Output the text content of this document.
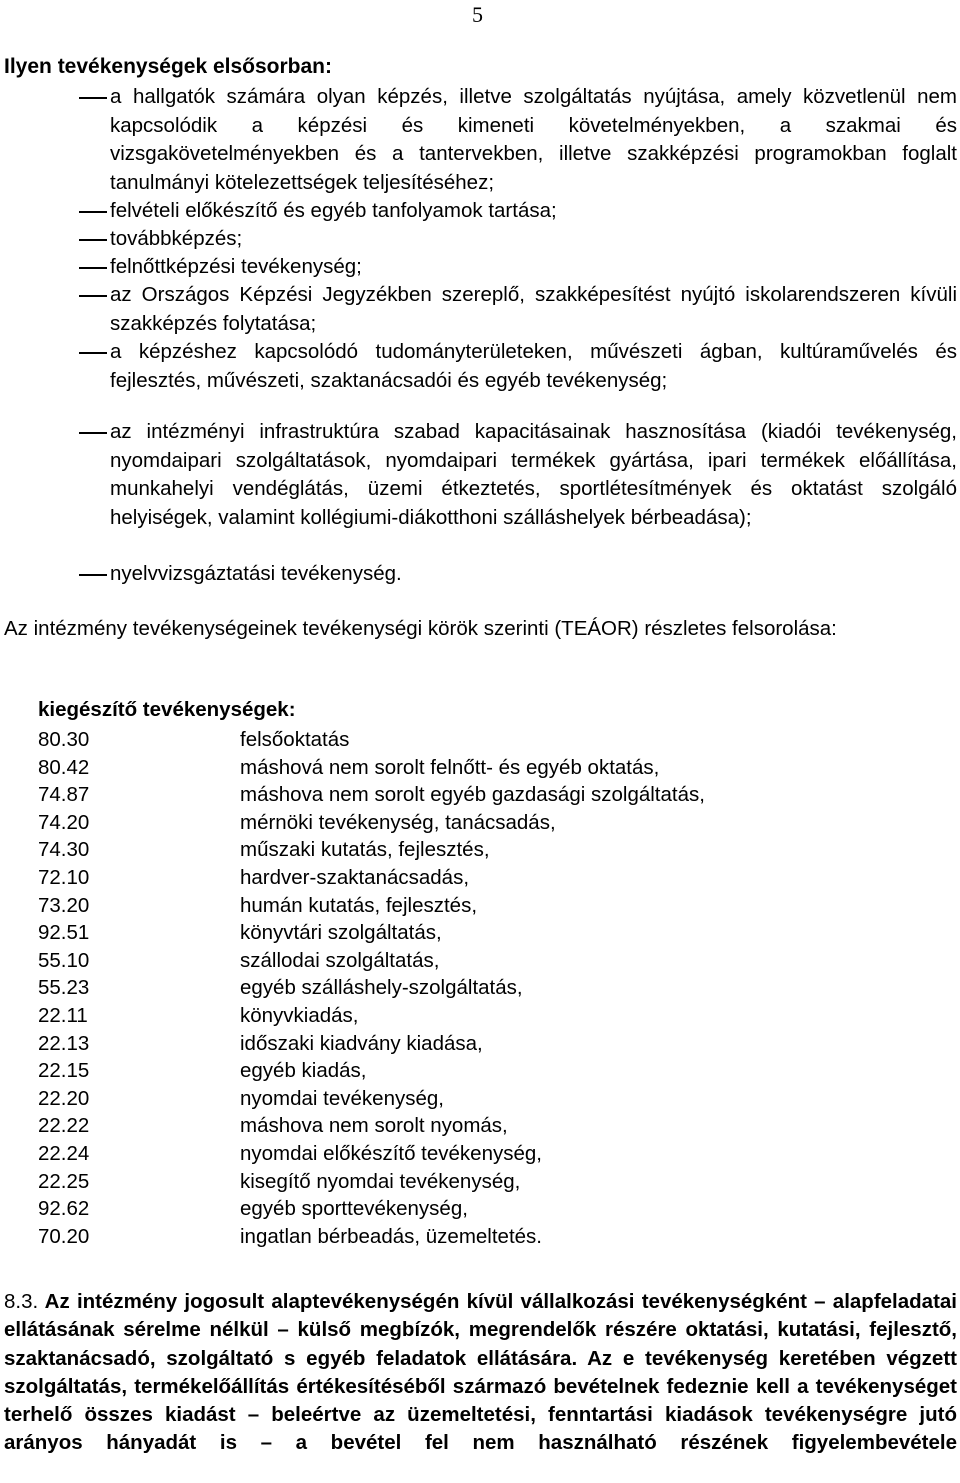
5
Ilyen tevékenységek elsősorban:
a hallgatók számára olyan képzés, illetve szolgáltatás nyújtása, amely közvetlenül nem kapcsolódik a képzési és kimeneti követelményekben, a szakmai és vizsgakövetelményekben és a tantervekben, illetve szakképzési programokban foglalt tanulmányi kötelezettségek teljesítéséhez;
felvételi előkészítő és egyéb tanfolyamok tartása;
továbbképzés;
felnőttképzési tevékenység;
az Országos Képzési Jegyzékben szereplő, szakképesítést nyújtó iskolarendszeren kívüli szakképzés folytatása;
a képzéshez kapcsolódó tudományterületeken, művészeti ágban, kultúraművelés és fejlesztés, művészeti, szaktanácsadói és egyéb tevékenység;
az intézményi infrastruktúra szabad kapacitásainak hasznosítása (kiadói tevékenység, nyomdaipari szolgáltatások, nyomdaipari termékek gyártása, ipari termékek előállítása, munkahelyi vendéglátás, üzemi étkeztetés, sportlétesítmények és oktatást szolgáló helyiségek, valamint kollégiumi-diákotthoni szálláshelyek bérbeadása);
nyelvvizsgáztatási tevékenység.
Az intézmény tevékenységeinek tevékenységi körök szerinti (TEÁOR) részletes felsorolása:
kiegészítő tevékenységek:
80.30	felsőoktatás
80.42	máshová nem sorolt felnőtt- és egyéb oktatás,
74.87	máshova nem sorolt egyéb gazdasági szolgáltatás,
74.20	mérnöki tevékenység, tanácsadás,
74.30	műszaki kutatás, fejlesztés,
72.10	hardver-szaktanácsadás,
73.20	humán kutatás, fejlesztés,
92.51	könyvtári szolgáltatás,
55.10	szállodai szolgáltatás,
55.23	egyéb szálláshely-szolgáltatás,
22.11	könyvkiadás,
22.13	időszaki kiadvány kiadása,
22.15	egyéb kiadás,
22.20	nyomdai tevékenység,
22.22	máshova nem sorolt nyomás,
22.24	nyomdai előkészítő tevékenység,
22.25	kisegítő nyomdai tevékenység,
92.62	egyéb sporttevékenység,
70.20	ingatlan bérbeadás, üzemeltetés.
8.3. Az intézmény jogosult alaptevékenységén kívül vállalkozási tevékenységként – alapfeladatai ellátásának sérelme nélkül – külső megbízók, megrendelők részére oktatási, kutatási, fejlesztő, szaktanácsadó, szolgáltató s egyéb feladatok ellátására. Az e tevékenység keretében végzett szolgáltatás, termékelőállítás értékesítéséből származó bevételnek fedeznie kell a tevékenységet terhelő összes kiadást – beleértve az üzemeltetési, fenntartási kiadások tevékenységre jutó arányos hányadát is – a bevétel fel nem használható részének figyelembevétele
